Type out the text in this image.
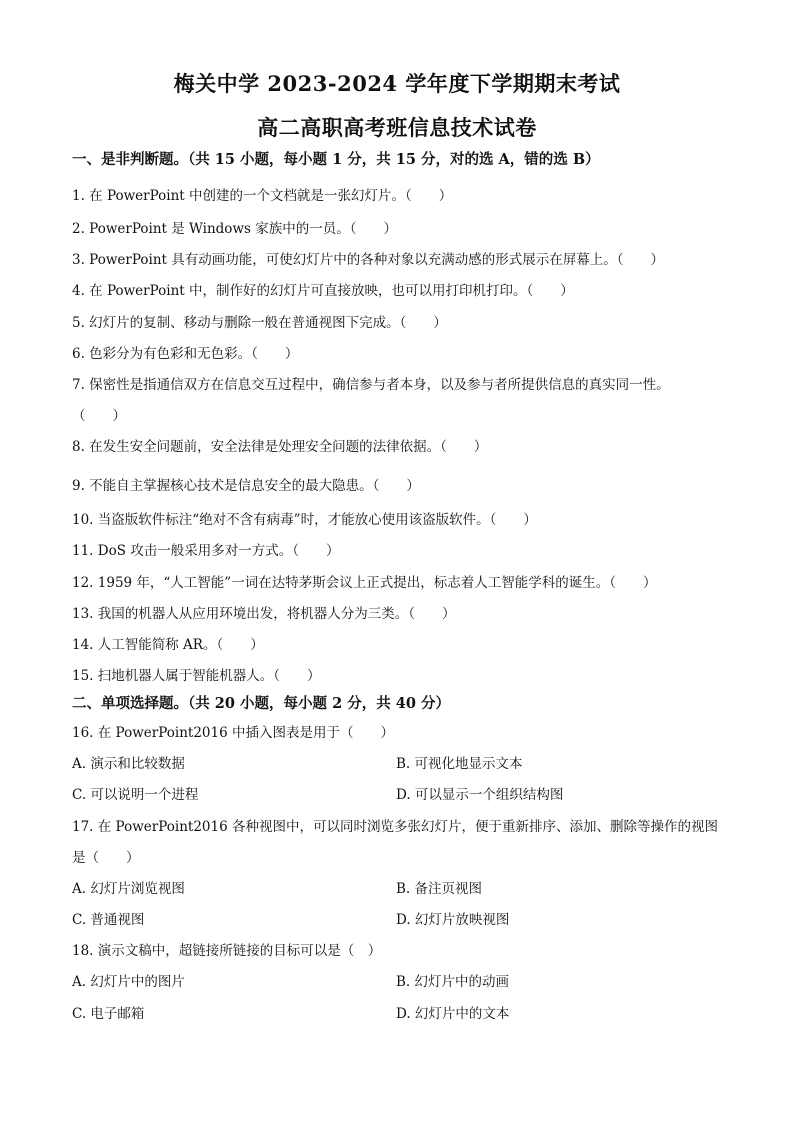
梅关中学 2023-2024 学年度下学期期末考试
高二高职高考班信息技术试卷
一、是非判断题。（共 15 小题，每小题 1 分，共 15 分，对的选 A，错的选 B）
1. 在 PowerPoint 中创建的一个文档就是一张幻灯片。（　　）
2. PowerPoint 是 Windows 家族中的一员。（　　）
3. PowerPoint 具有动画功能，可使幻灯片中的各种对象以充满动感的形式展示在屏幕上。（　　）
4. 在 PowerPoint 中，制作好的幻灯片可直接放映，也可以用打印机打印。（　　）
5. 幻灯片的复制、移动与删除一般在普通视图下完成。（　　）
6. 色彩分为有色彩和无色彩。（　　）
7. 保密性是指通信双方在信息交互过程中，确信参与者本身，以及参与者所提供信息的真实同一性。
（　　）
8. 在发生安全问题前，安全法律是处理安全问题的法律依据。（　　）
9. 不能自主掌握核心技术是信息安全的最大隐患。（　　）
10. 当盗版软件标注“绝对不含有病毒”时，才能放心使用该盗版软件。（　　）
11. DoS 攻击一般采用多对一方式。（　　）
12. 1959 年，“人工智能”一词在达特茅斯会议上正式提出，标志着人工智能学科的诞生。（　　）
13. 我国的机器人从应用环境出发，将机器人分为三类。（　　）
14. 人工智能简称 AR。（　　）
15. 扫地机器人属于智能机器人。（　　）
二、单项选择题。（共 20 小题，每小题 2 分，共 40 分）
16. 在 PowerPoint2016 中插入图表是用于（　　）
A. 演示和比较数据	B. 可视化地显示文本
C. 可以说明一个进程	D. 可以显示一个组织结构图
17. 在 PowerPoint2016 各种视图中，可以同时浏览多张幻灯片，便于重新排序、添加、删除等操作的视图
是（　　）
A. 幻灯片浏览视图	B. 备注页视图
C. 普通视图	D. 幻灯片放映视图
18. 演示文稿中，超链接所链接的目标可以是（　）
A. 幻灯片中的图片	B. 幻灯片中的动画
C. 电子邮箱	D. 幻灯片中的文本
